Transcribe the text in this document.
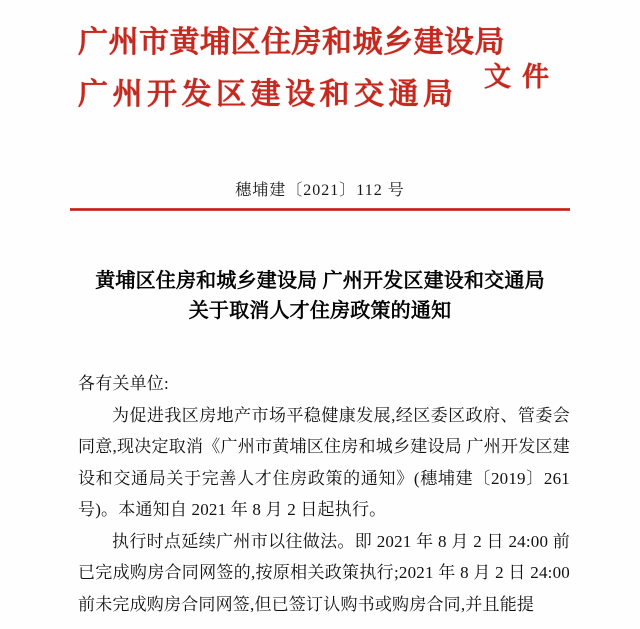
广州市黄埔区住房和城乡建设局
广州开发区建设和交通局
文件
穗埔建〔2021〕112 号
黄埔区住房和城乡建设局 广州开发区建设和交通局
关于取消人才住房政策的通知

各有关单位:

为促进我区房地产市场平稳健康发展,经区委区政府、管委会同意,现决定取消《广州市黄埔区住房和城乡建设局 广州开发区建设和交通局关于完善人才住房政策的通知》(穗埔建〔2019〕261 号)。本通知自 2021 年 8 月 2 日起执行。

执行时点延续广州市以往做法。即 2021 年 8 月 2 日 24:00 前已完成购房合同网签的,按原相关政策执行;2021 年 8 月 2 日 24:00 前未完成购房合同网签,但已签订认购书或购房合同,并且能提
